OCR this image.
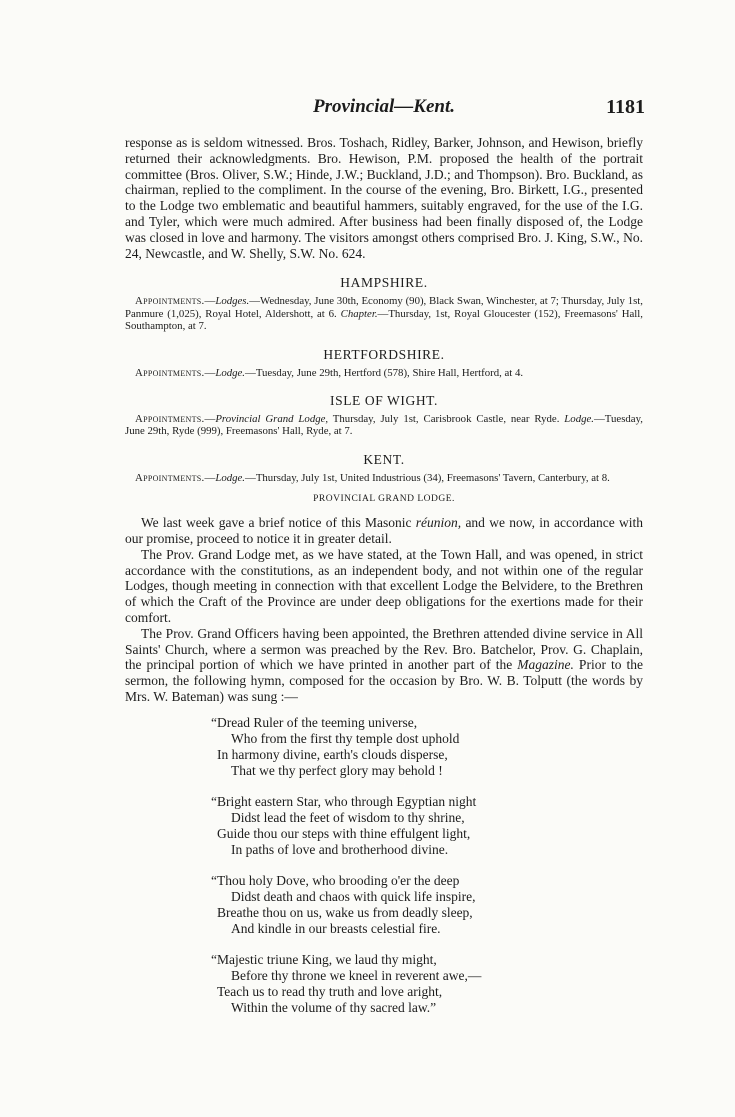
Provincial—Kent.	1181

response as is seldom witnessed. Bros. Toshach, Ridley, Barker, Johnson, and Hewison, briefly returned their acknowledgments. Bro. Hewison, P.M. proposed the health of the portrait committee (Bros. Oliver, S.W.; Hinde, J.W.; Buckland, J.D.; and Thompson). Bro. Buckland, as chairman, replied to the compliment. In the course of the evening, Bro. Birkett, I.G., presented to the Lodge two emblematic and beautiful hammers, suitably engraved, for the use of the I.G. and Tyler, which were much admired. After business had been finally disposed of, the Lodge was closed in love and harmony. The visitors amongst others comprised Bro. J. King, S.W., No. 24, Newcastle, and W. Shelly, S.W. No. 624.

HAMPSHIRE.

Appointments.—Lodges.—Wednesday, June 30th, Economy (90), Black Swan, Winchester, at 7; Thursday, July 1st, Panmure (1,025), Royal Hotel, Aldershott, at 6. Chapter.—Thursday, 1st, Royal Gloucester (152), Freemasons' Hall, Southampton, at 7.

HERTFORDSHIRE.

Appointments.—Lodge.—Tuesday, June 29th, Hertford (578), Shire Hall, Hertford, at 4.

ISLE OF WIGHT.

Appointments.—Provincial Grand Lodge, Thursday, July 1st, Carisbrook Castle, near Ryde. Lodge.—Tuesday, June 29th, Ryde (999), Freemasons' Hall, Ryde, at 7.

KENT.

Appointments.—Lodge.—Thursday, July 1st, United Industrious (34), Freemasons' Tavern, Canterbury, at 8.

PROVINCIAL GRAND LODGE.

We last week gave a brief notice of this Masonic réunion, and we now, in accordance with our promise, proceed to notice it in greater detail.

The Prov. Grand Lodge met, as we have stated, at the Town Hall, and was opened, in strict accordance with the constitutions, as an independent body, and not within one of the regular Lodges, though meeting in connection with that excellent Lodge the Belvidere, to the Brethren of which the Craft of the Province are under deep obligations for the exertions made for their comfort.

The Prov. Grand Officers having been appointed, the Brethren attended divine service in All Saints' Church, where a sermon was preached by the Rev. Bro. Batchelor, Prov. G. Chaplain, the principal portion of which we have printed in another part of the Magazine. Prior to the sermon, the following hymn, composed for the occasion by Bro. W. B. Tolputt (the words by Mrs. W. Bateman) was sung :—

“Dread Ruler of the teeming universe,
Who from the first thy temple dost uphold
In harmony divine, earth's clouds disperse,
That we thy perfect glory may behold !
“Bright eastern Star, who through Egyptian night
Didst lead the feet of wisdom to thy shrine,
Guide thou our steps with thine effulgent light,
In paths of love and brotherhood divine.
“Thou holy Dove, who brooding o'er the deep
Didst death and chaos with quick life inspire,
Breathe thou on us, wake us from deadly sleep,
And kindle in our breasts celestial fire.
“Majestic triune King, we laud thy might,
Before thy throne we kneel in reverent awe,—
Teach us to read thy truth and love aright,
Within the volume of thy sacred law.”
